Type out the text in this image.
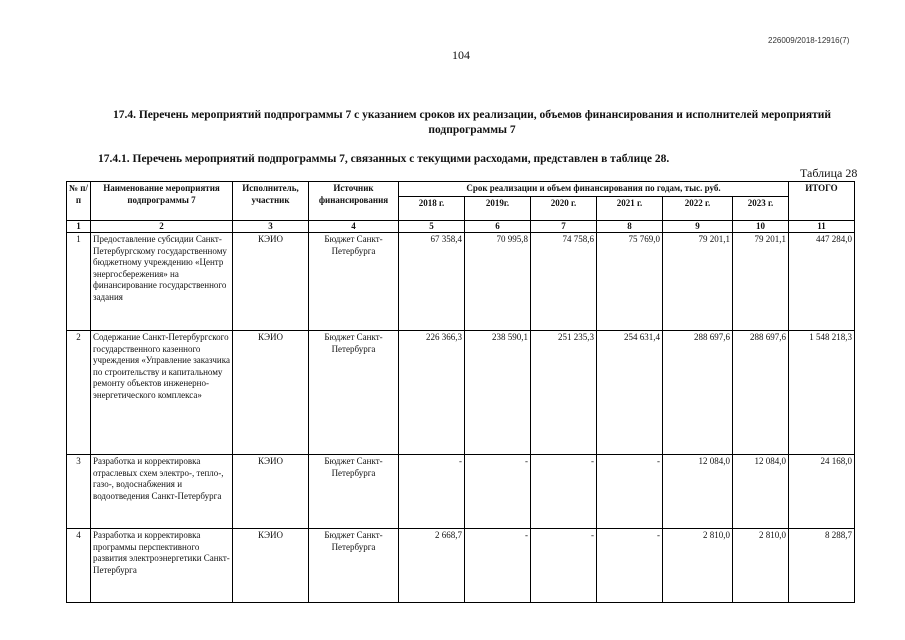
226009/2018-12916(7)
104
17.4. Перечень мероприятий подпрограммы 7 с указанием сроков их реализации, объемов финансирования и исполнителей мероприятий подпрограммы 7
17.4.1. Перечень мероприятий подпрограммы 7, связанных с текущими расходами, представлен в таблице 28.
Таблица 28
№ п/п	Наименование мероприятия подпрограммы 7	Исполнитель, участник	Источник финансирования	Срок реализации и объем финансирования по годам, тыс. руб.						ИТОГО
				2018 г.	2019г.	2020 г.	2021 г.	2022 г.	2023 г.	
1	2	3	4	5	6	7	8	9	10	11
1	Предоставление субсидии Санкт-Петербургскому государственному бюджетному учреждению «Центр энергосбережения» на финансирование государственного задания	КЭИО	Бюджет Санкт-Петербурга	67 358,4	70 995,8	74 758,6	75 769,0	79 201,1	79 201,1	447 284,0
2	Содержание Санкт-Петербургского государственного казенного учреждения «Управление заказчика по строительству и капитальному ремонту объектов инженерно-энергетического комплекса»	КЭИО	Бюджет Санкт-Петербурга	226 366,3	238 590,1	251 235,3	254 631,4	288 697,6	288 697,6	1 548 218,3
3	Разработка и корректировка отраслевых схем электро-, тепло-, газо-, водоснабжения и водоотведения Санкт-Петербурга	КЭИО	Бюджет Санкт-Петербурга	-	-	-	-	12 084,0	12 084,0	24 168,0
4	Разработка и корректировка программы перспективного развития электроэнергетики Санкт-Петербурга	КЭИО	Бюджет Санкт-Петербурга	2 668,7	-	-	-	2 810,0	2 810,0	8 288,7
